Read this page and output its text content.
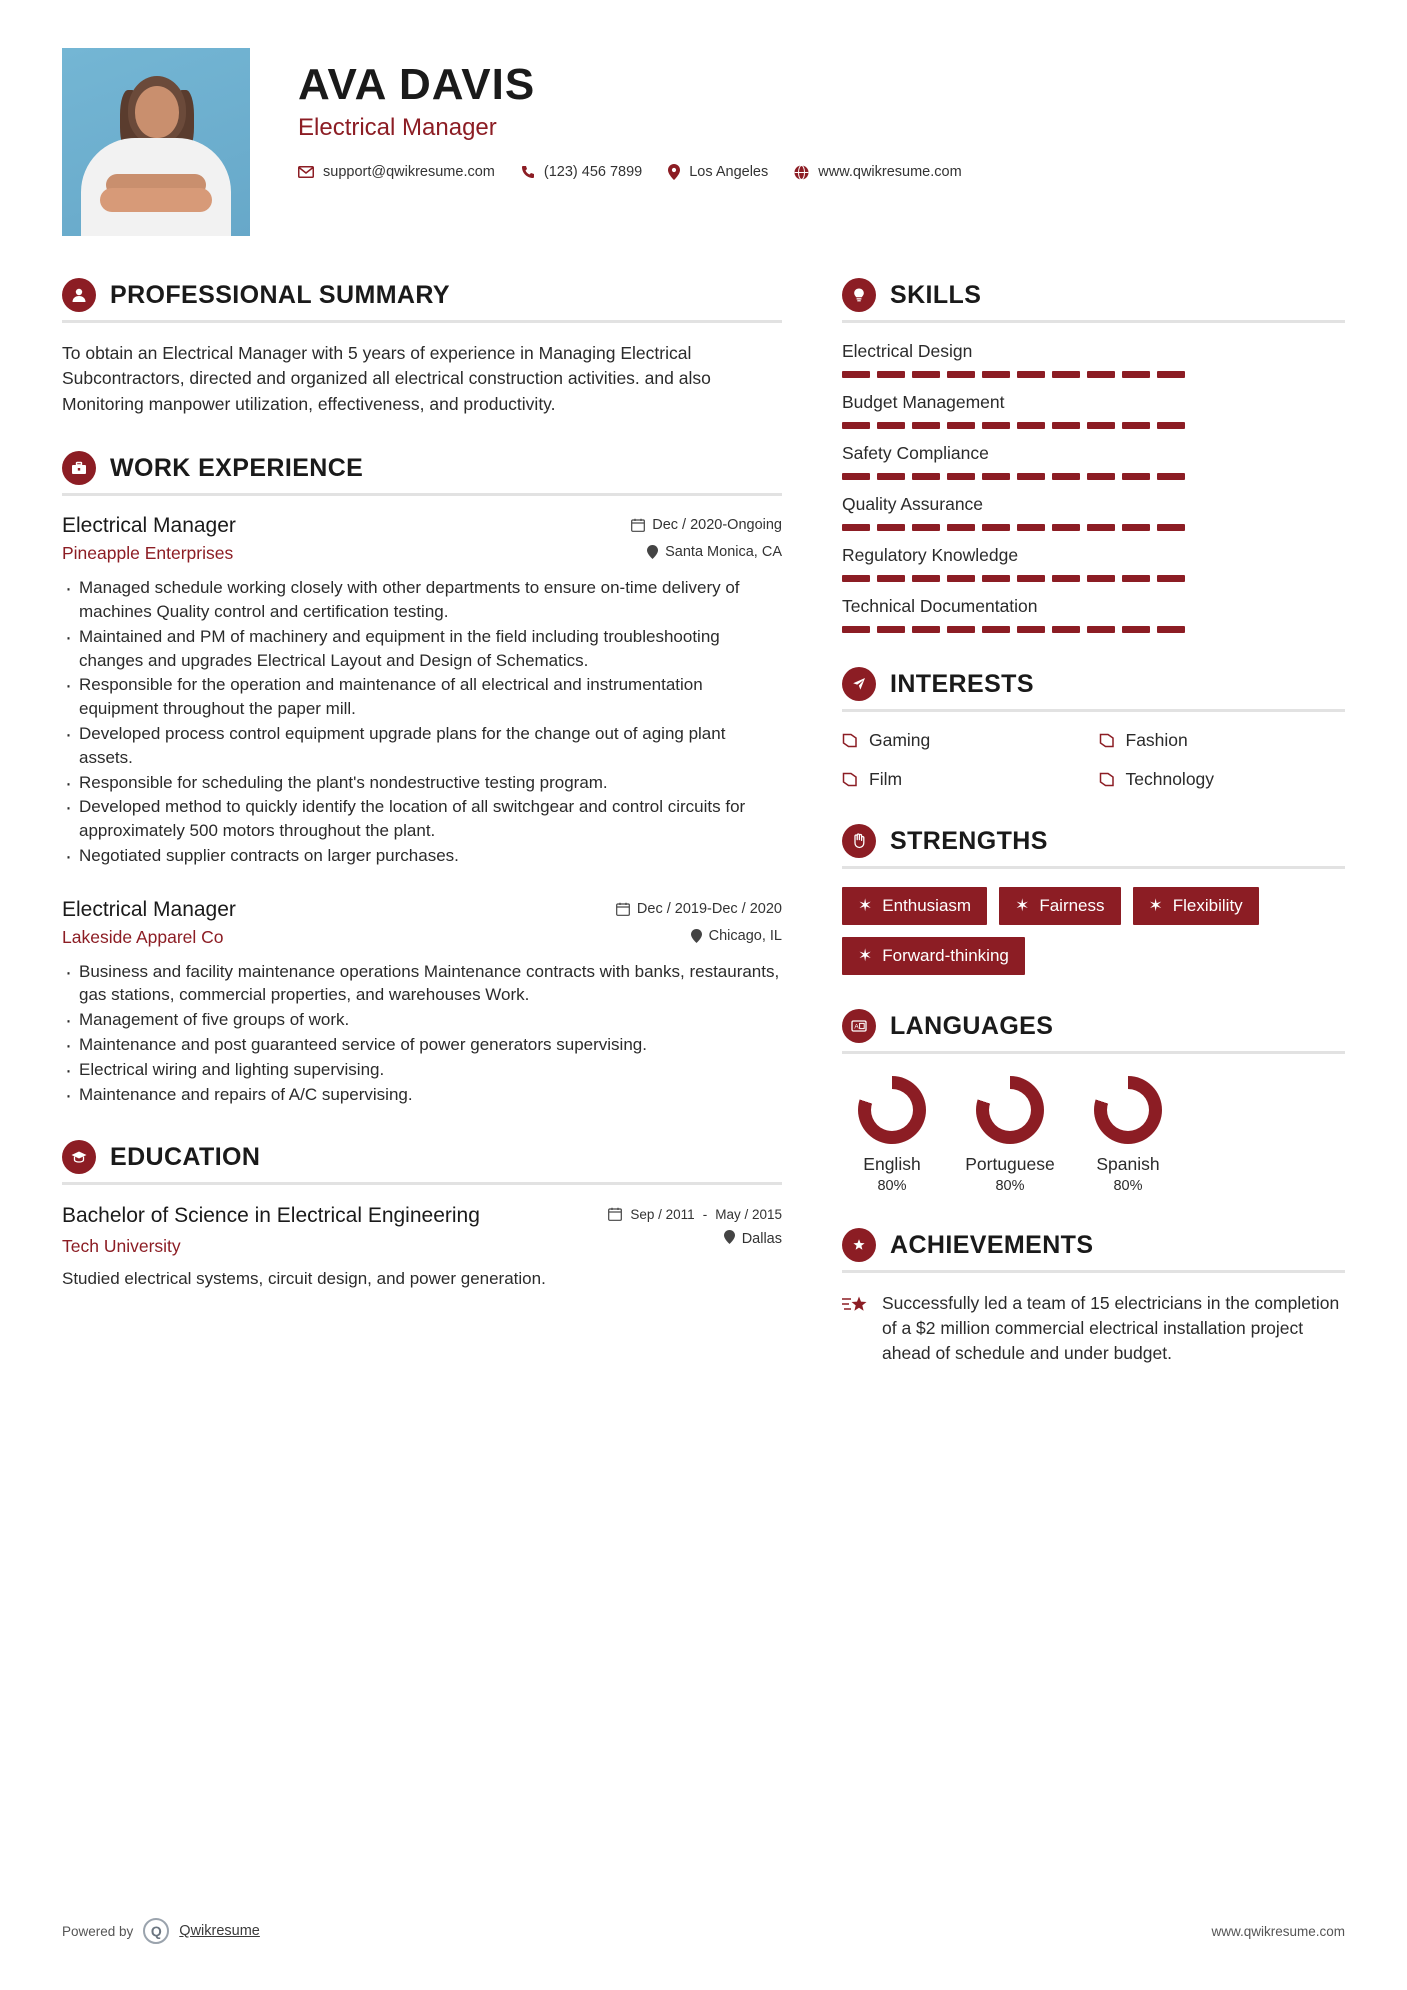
AVA DAVIS
Electrical Manager
support@qwikresume.com	(123) 456 7899	Los Angeles	www.qwikresume.com
PROFESSIONAL SUMMARY
To obtain an Electrical Manager with 5 years of experience in Managing Electrical Subcontractors, directed and organized all electrical construction activities. and also Monitoring manpower utilization, effectiveness, and productivity.
WORK EXPERIENCE
Electrical Manager	Dec / 2020-Ongoing
Pineapple Enterprises	Santa Monica, CA
· Managed schedule working closely with other departments to ensure on-time delivery of machines Quality control and certification testing.
· Maintained and PM of machinery and equipment in the field including troubleshooting changes and upgrades Electrical Layout and Design of Schematics.
· Responsible for the operation and maintenance of all electrical and instrumentation equipment throughout the paper mill.
· Developed process control equipment upgrade plans for the change out of aging plant assets.
· Responsible for scheduling the plant's nondestructive testing program.
· Developed method to quickly identify the location of all switchgear and control circuits for approximately 500 motors throughout the plant.
· Negotiated supplier contracts on larger purchases.
Electrical Manager	Dec / 2019-Dec / 2020
Lakeside Apparel Co	Chicago, IL
· Business and facility maintenance operations Maintenance contracts with banks, restaurants, gas stations, commercial properties, and warehouses Work.
· Management of five groups of work.
· Maintenance and post guaranteed service of power generators supervising.
· Electrical wiring and lighting supervising.
· Maintenance and repairs of A/C supervising.
EDUCATION
Bachelor of Science in Electrical Engineering	Sep / 2011 - May / 2015
Tech University	Dallas
Studied electrical systems, circuit design, and power generation.
SKILLS
Electrical Design
Budget Management
Safety Compliance
Quality Assurance
Regulatory Knowledge
Technical Documentation
INTERESTS
Gaming	Fashion
Film	Technology
STRENGTHS
✶ Enthusiasm	✶ Fairness	✶ Flexibility
✶ Forward-thinking
A LANGUAGES
English
80%
Portuguese
80%
Spanish
80%
ACHIEVEMENTS
Successfully led a team of 15 electricians in the completion of a $2 million commercial electrical installation project ahead of schedule and under budget.
Powered by	Q	Qwikresume	www.qwikresume.com
